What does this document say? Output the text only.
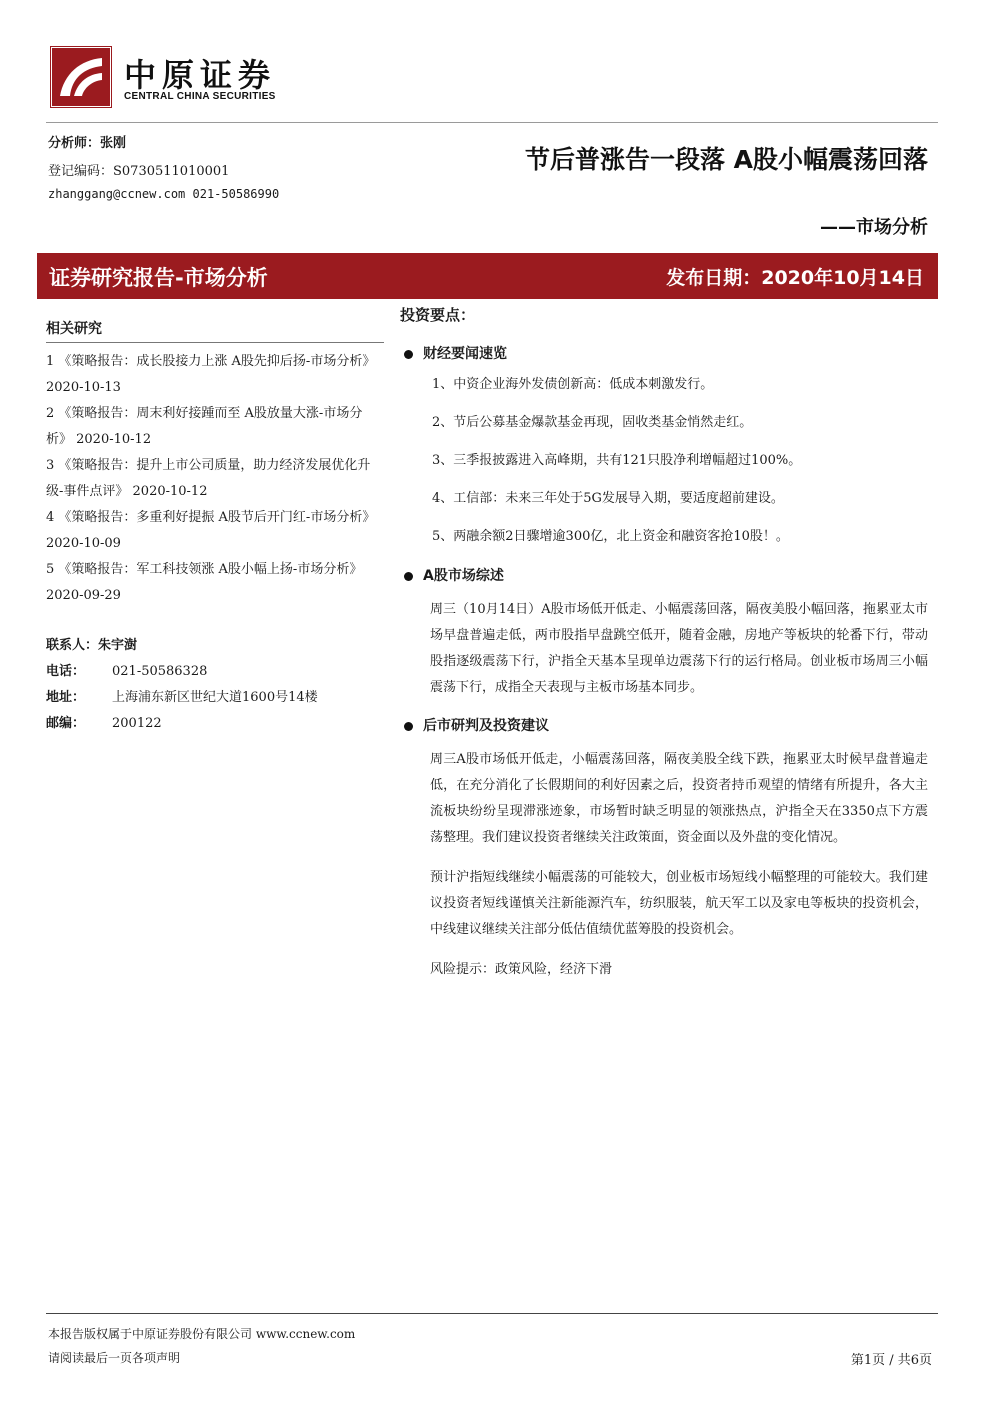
中原证券
CENTRAL CHINA SECURITIES
分析师：张刚
登记编码：S0730511010001
zhanggang@ccnew.com 021-50586990
节后普涨告一段落 A股小幅震荡回落
——市场分析
证券研究报告-市场分析	发布日期：2020年10月14日
相关研究
1 《策略报告：成长股接力上涨 A股先抑后扬-市场分析》 2020-10-13
2 《策略报告：周末利好接踵而至 A股放量大涨-市场分析》 2020-10-12
3 《策略报告：提升上市公司质量，助力经济发展优化升级-事件点评》 2020-10-12
4 《策略报告：多重利好提振 A股节后开门红-市场分析》 2020-10-09
5 《策略报告：军工科技领涨 A股小幅上扬-市场分析》 2020-09-29
联系人：朱宇澍
电话： 021-50586328
地址： 上海浦东新区世纪大道1600号14楼
邮编： 200122
投资要点：
财经要闻速览
1、中资企业海外发债创新高：低成本刺激发行。
2、节后公募基金爆款基金再现，固收类基金悄然走红。
3、三季报披露进入高峰期，共有121只股净利增幅超过100%。
4、工信部：未来三年处于5G发展导入期，要适度超前建设。
5、两融余额2日骤增逾300亿，北上资金和融资客抢10股！。
A股市场综述
周三（10月14日）A股市场低开低走、小幅震荡回落，隔夜美股小幅回落，拖累亚太市场早盘普遍走低，两市股指早盘跳空低开，随着金融，房地产等板块的轮番下行，带动股指逐级震荡下行，沪指全天基本呈现单边震荡下行的运行格局。创业板市场周三小幅震荡下行，成指全天表现与主板市场基本同步。
后市研判及投资建议
周三A股市场低开低走，小幅震荡回落，隔夜美股全线下跌，拖累亚太时候早盘普遍走低，在充分消化了长假期间的利好因素之后，投资者持币观望的情绪有所提升，各大主流板块纷纷呈现滞涨迹象，市场暂时缺乏明显的领涨热点，沪指全天在3350点下方震荡整理。我们建议投资者继续关注政策面，资金面以及外盘的变化情况。
预计沪指短线继续小幅震荡的可能较大，创业板市场短线小幅整理的可能较大。我们建议投资者短线谨慎关注新能源汽车，纺织服装，航天军工以及家电等板块的投资机会，中线建议继续关注部分低估值绩优蓝筹股的投资机会。
风险提示：政策风险，经济下滑
本报告版权属于中原证券股份有限公司 www.ccnew.com
请阅读最后一页各项声明	第1页 / 共6页
